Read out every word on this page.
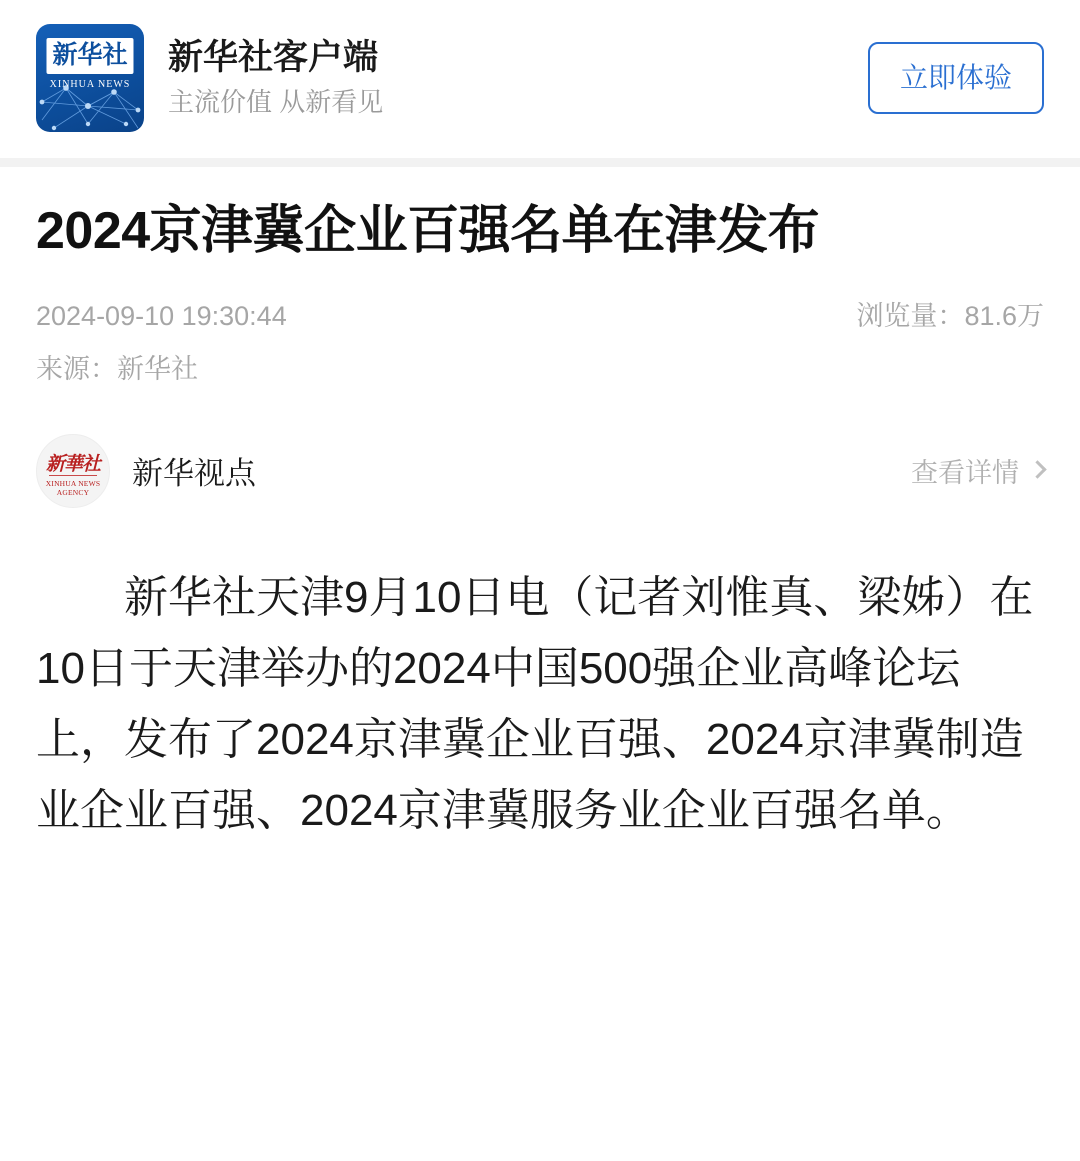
新华社
XINHUA NEWS
新华社客户端
主流价值 从新看见
立即体验
2024京津冀企业百强名单在津发布
2024-09-10 19:30:44	浏览量：81.6万
来源：新华社
新華社
XINHUA NEWS AGENCY
新华视点	查看详情

新华社天津9月10日电（记者刘惟真、梁姊）在10日于天津举办的2024中国500强企业高峰论坛上，发布了2024京津冀企业百强、2024京津冀制造业企业百强、2024京津冀服务业企业百强名单。
